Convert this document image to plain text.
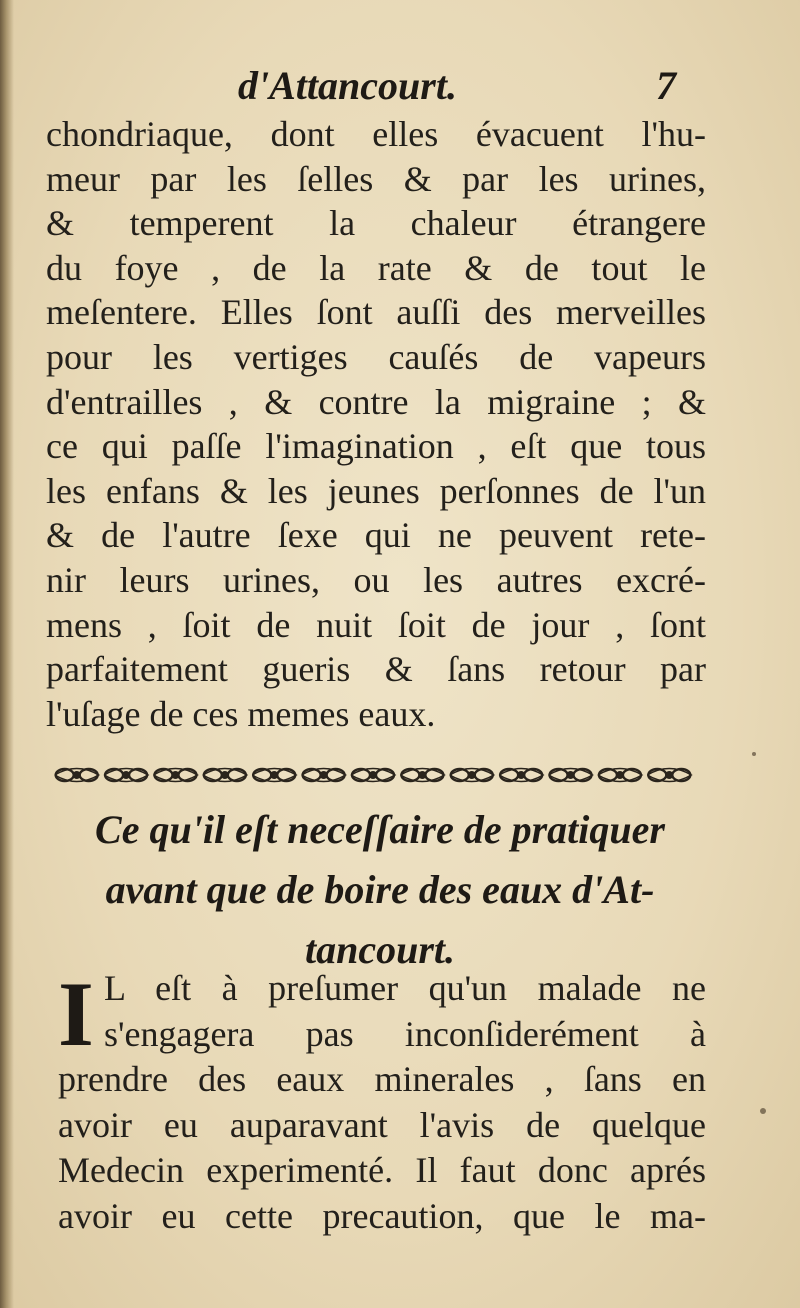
d'Attancourt.	7
chondriaque, dont elles évacuent l'hu-
meur par les ſelles & par les urines,
& temperent la chaleur étrangere
du foye , de la rate & de tout le
meſentere. Elles ſont auſſi des merveilles
pour les vertiges cauſés de vapeurs
d'entrailles , & contre la migraine ; &
ce qui paſſe l'imagination , eſt que tous
les enfans & les jeunes perſonnes de l'un
& de l'autre ſexe qui ne peuvent rete-
nir leurs urines, ou les autres excré-
mens , ſoit de nuit ſoit de jour , ſont
parfaitement gueris & ſans retour par
l'uſage de ces memes eaux.
Ce qu'il eſt neceſſaire de pratiquer
avant que de boire des eaux d'At-
tancourt.
I L eſt à preſumer qu'un malade ne
s'engagera pas inconſiderément à
prendre des eaux minerales , ſans en
avoir eu auparavant l'avis de quelque
Medecin experimenté. Il faut donc aprés
avoir eu cette precaution, que le ma-
